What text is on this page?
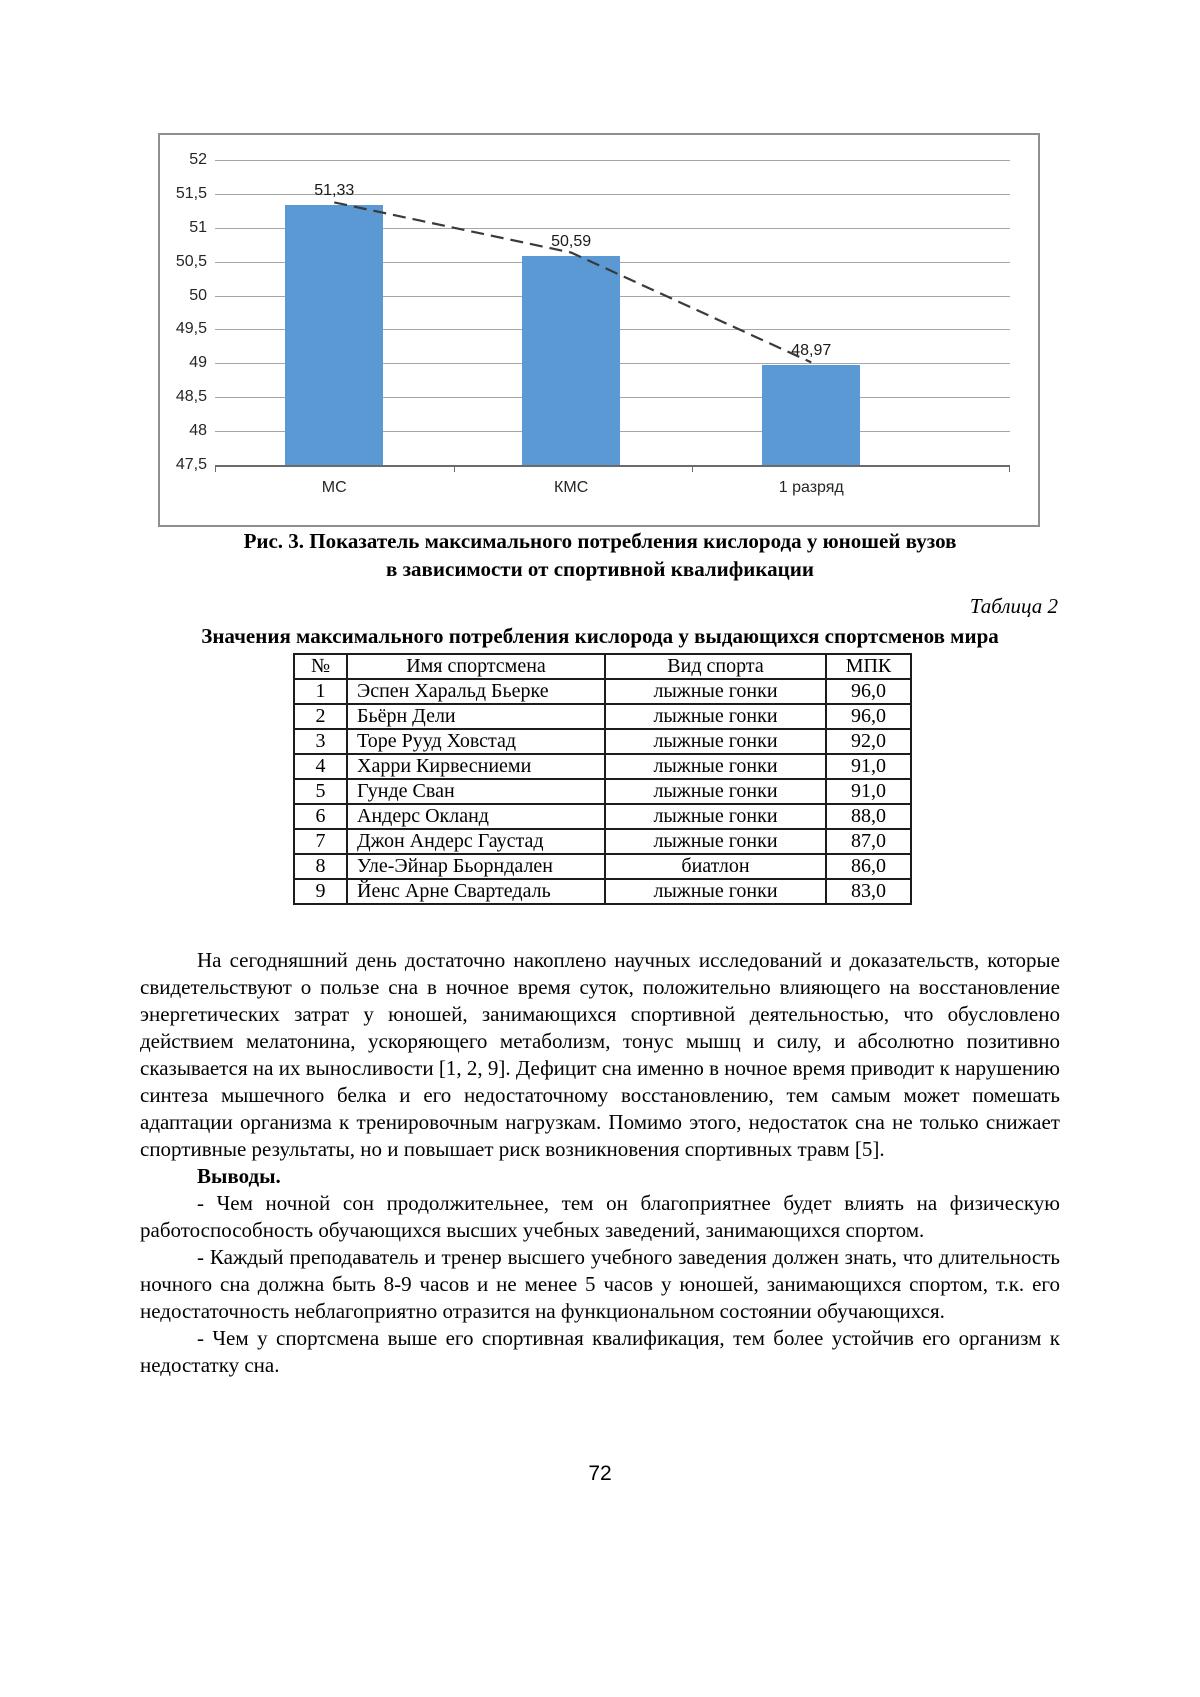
52
51,5
51
50,5
50
49,5
49
48,5
48
47,5
51,33
МС
50,59
КМС
48,97
1 разряд
Рис. 3. Показатель максимального потребления кислорода у юношей вузов
в зависимости от спортивной квалификации
Таблица 2
Значения максимального потребления кислорода у выдающихся спортсменов мира
№	Имя спортсмена	Вид спорта	МПК
1	Эспен Харальд Бьерке	лыжные гонки	96,0
2	Бьёрн Дели	лыжные гонки	96,0
3	Торе Рууд Ховстад	лыжные гонки	92,0
4	Харри Кирвесниеми	лыжные гонки	91,0
5	Гунде Сван	лыжные гонки	91,0
6	Андерс Окланд	лыжные гонки	88,0
7	Джон Андерс Гаустад	лыжные гонки	87,0
8	Уле-Эйнар Бьорндален	биатлон	86,0
9	Йенс Арне Свартедаль	лыжные гонки	83,0

На сегодняшний день достаточно накоплено научных исследований и доказательств, которые свидетельствуют о пользе сна в ночное время суток, положительно влияющего на восстановление энергетических затрат у юношей, занимающихся спортивной деятельностью, что обусловлено действием мелатонина, ускоряющего метаболизм, тонус мышц и силу, и абсолютно позитивно сказывается на их выносливости [1, 2, 9]. Дефицит сна именно в ночное время приводит к нарушению синтеза мышечного белка и его недостаточному восстановлению, тем самым может помешать адаптации организма к тренировочным нагрузкам. Помимо этого, недостаток сна не только снижает спортивные результаты, но и повышает риск возникновения спортивных травм [5].

Выводы.

- Чем ночной сон продолжительнее, тем он благоприятнее будет влиять на физическую работоспособность обучающихся высших учебных заведений, занимающихся спортом.

- Каждый преподаватель и тренер высшего учебного заведения должен знать, что длительность ночного сна должна быть 8-9 часов и не менее 5 часов у юношей, занимающихся спортом, т.к. его недостаточность неблагоприятно отразится на функциональном состоянии обучающихся.

- Чем у спортсмена выше его спортивная квалификация, тем более устойчив его организм к недостатку сна.

72
